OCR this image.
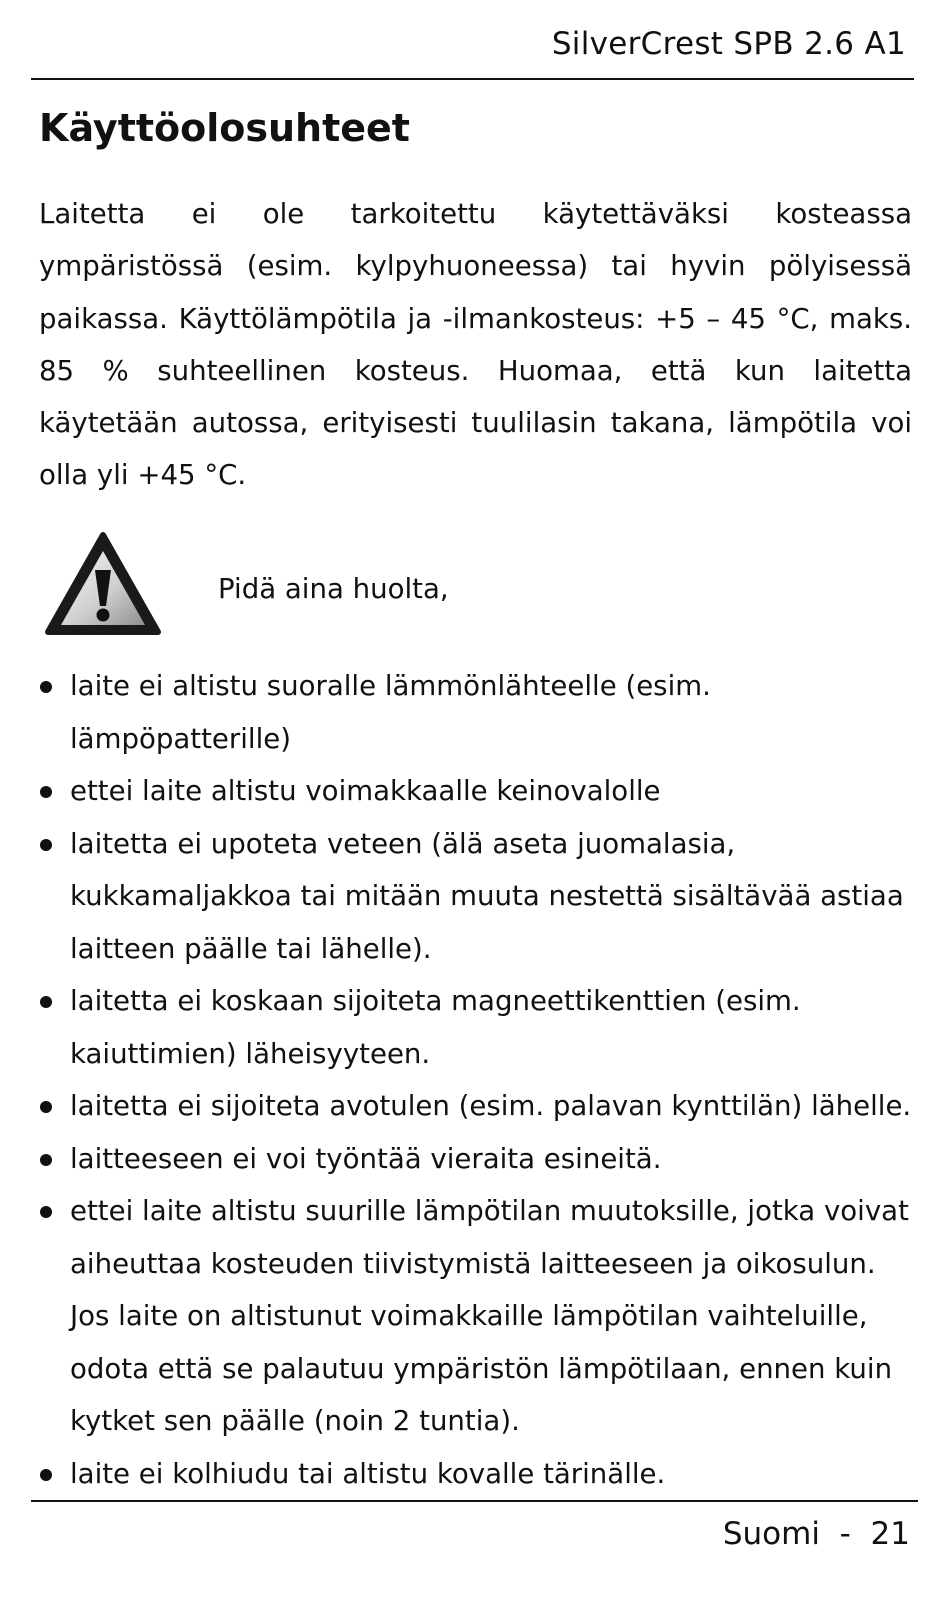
SilverCrest SPB 2.6 A1
Käyttöolosuhteet

Laitetta ei ole tarkoitettu käytettäväksi kosteassa ympäristössä (esim. kylpyhuoneessa) tai hyvin pölyisessä paikassa. Käyttölämpötila ja -ilmankosteus: +5 – 45 °C, maks. 85 % suhteellinen kosteus. Huomaa, että kun laitetta käytetään autossa, erityisesti tuulilasin takana, lämpötila voi olla yli +45 °C.

Pidä aina huolta,
laite ei altistu suoralle lämmönlähteelle (esim. lämpöpatterille)
ettei laite altistu voimakkaalle keinovalolle
laitetta ei upoteta veteen (älä aseta juomalasia, kukkamaljakkoa tai mitään muuta nestettä sisältävää astiaa laitteen päälle tai lähelle).
laitetta ei koskaan sijoiteta magneettikenttien (esim. kaiuttimien) läheisyyteen.
laitetta ei sijoiteta avotulen (esim. palavan kynttilän) lähelle.
laitteeseen ei voi työntää vieraita esineitä.
ettei laite altistu suurille lämpötilan muutoksille, jotka voivat aiheuttaa kosteuden tiivistymistä laitteeseen ja oikosulun. Jos laite on altistunut voimakkaille lämpötilan vaihteluille, odota että se palautuu ympäristön lämpötilaan, ennen kuin kytket sen päälle (noin 2 tuntia).
laite ei kolhiudu tai altistu kovalle tärinälle.
Suomi  -  21
